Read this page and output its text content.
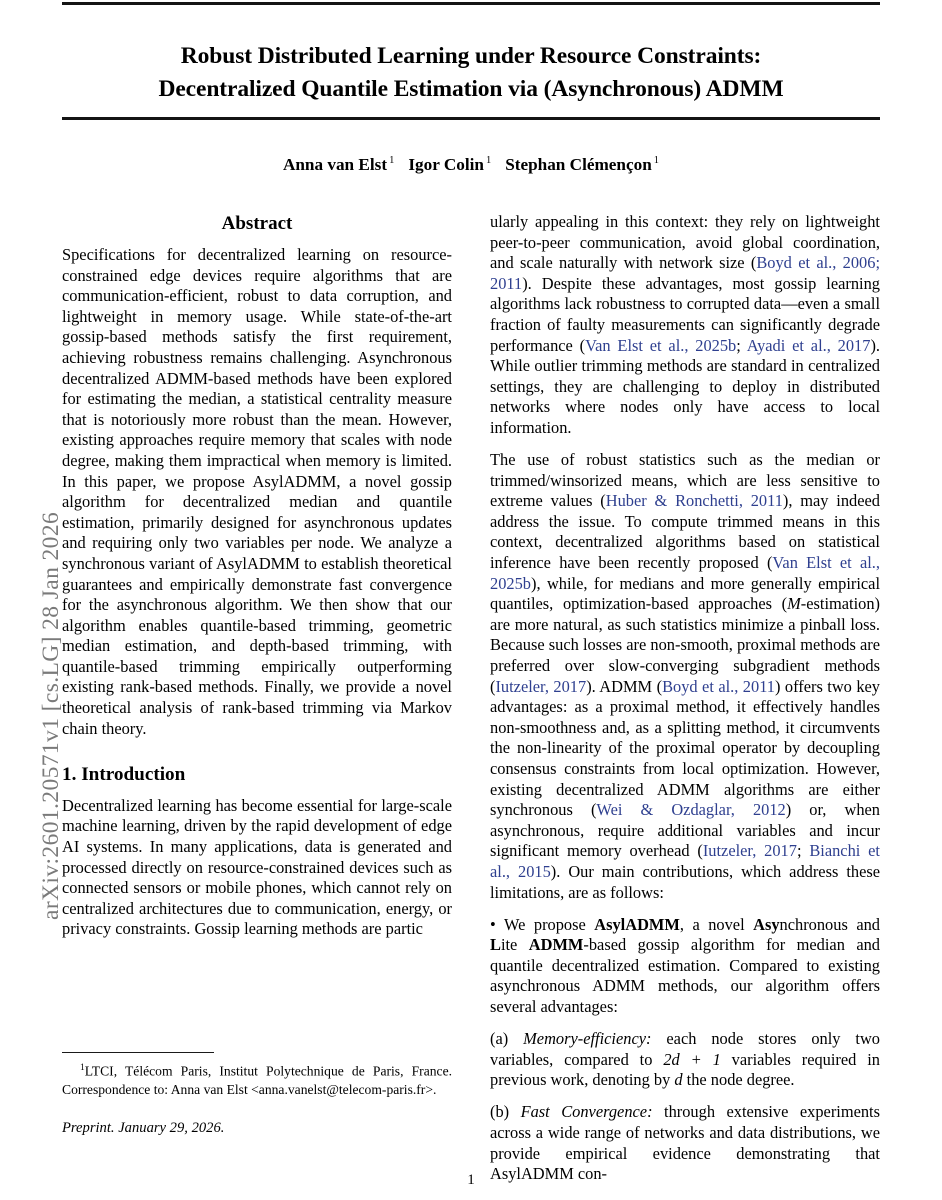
arXiv:2601.20571v1 [cs.LG] 28 Jan 2026
Robust Distributed Learning under Resource Constraints:
Decentralized Quantile Estimation via (Asynchronous) ADMM
Anna van Elst $^1$ Igor Colin $^1$ Stephan Clémençon $^1$
Abstract

Specifications for decentralized learning on resource-constrained edge devices require algorithms that are communication-efficient, robust to data corruption, and lightweight in memory usage. While state-of-the-art gossip-based methods satisfy the first requirement, achieving robustness remains challenging. Asynchronous decentralized ADMM-based methods have been explored for estimating the median, a statistical centrality measure that is notoriously more robust than the mean. However, existing approaches require memory that scales with node degree, making them impractical when memory is limited. In this paper, we propose AsylADMM, a novel gossip algorithm for decentralized median and quantile estimation, primarily designed for asynchronous updates and requiring only two variables per node. We analyze a synchronous variant of AsylADMM to establish theoretical guarantees and empirically demonstrate fast convergence for the asynchronous algorithm. We then show that our algorithm enables quantile-based trimming, geometric median estimation, and depth-based trimming, with quantile-based trimming empirically outperforming existing rank-based methods. Finally, we provide a novel theoretical analysis of rank-based trimming via Markov chain theory.

1. Introduction

Decentralized learning has become essential for large-scale machine learning, driven by the rapid development of edge AI systems. In many applications, data is generated and processed directly on resource-constrained devices such as connected sensors or mobile phones, which cannot rely on centralized architectures due to communication, energy, or privacy constraints. Gossip learning methods are partic

ularly appealing in this context: they rely on lightweight peer-to-peer communication, avoid global coordination, and scale naturally with network size (Boyd et al., 2006; 2011). Despite these advantages, most gossip learning algorithms lack robustness to corrupted data—even a small fraction of faulty measurements can significantly degrade performance (Van Elst et al., 2025b; Ayadi et al., 2017). While outlier trimming methods are standard in centralized settings, they are challenging to deploy in distributed networks where nodes only have access to local information.

The use of robust statistics such as the median or trimmed/winsorized means, which are less sensitive to extreme values (Huber & Ronchetti, 2011), may indeed address the issue. To compute trimmed means in this context, decentralized algorithms based on statistical inference have been recently proposed (Van Elst et al., 2025b), while, for medians and more generally empirical quantiles, optimization-based approaches (M-estimation) are more natural, as such statistics minimize a pinball loss. Because such losses are non-smooth, proximal methods are preferred over slow-converging subgradient methods (Iutzeler, 2017). ADMM (Boyd et al., 2011) offers two key advantages: as a proximal method, it effectively handles non-smoothness and, as a splitting method, it circumvents the non-linearity of the proximal operator by decoupling consensus constraints from local optimization. However, existing decentralized ADMM algorithms are either synchronous (Wei & Ozdaglar, 2012) or, when asynchronous, require additional variables and incur significant memory overhead (Iutzeler, 2017; Bianchi et al., 2015). Our main contributions, which address these limitations, are as follows:

• We propose AsylADMM, a novel Asynchronous and Lite ADMM-based gossip algorithm for median and quantile decentralized estimation. Compared to existing asynchronous ADMM methods, our algorithm offers several advantages:

(a) Memory-efficiency: each node stores only two variables, compared to 2d + 1 variables required in previous work, denoting by d the node degree.

(b) Fast Convergence: through extensive experiments across a wide range of networks and data distributions, we provide empirical evidence demonstrating that AsylADMM con-

$^1$LTCI, Télécom Paris, Institut Polytechnique de Paris, France. Correspondence to: Anna van Elst <anna.vanelst@telecom-paris.fr>.

Preprint. January 29, 2026.

1
